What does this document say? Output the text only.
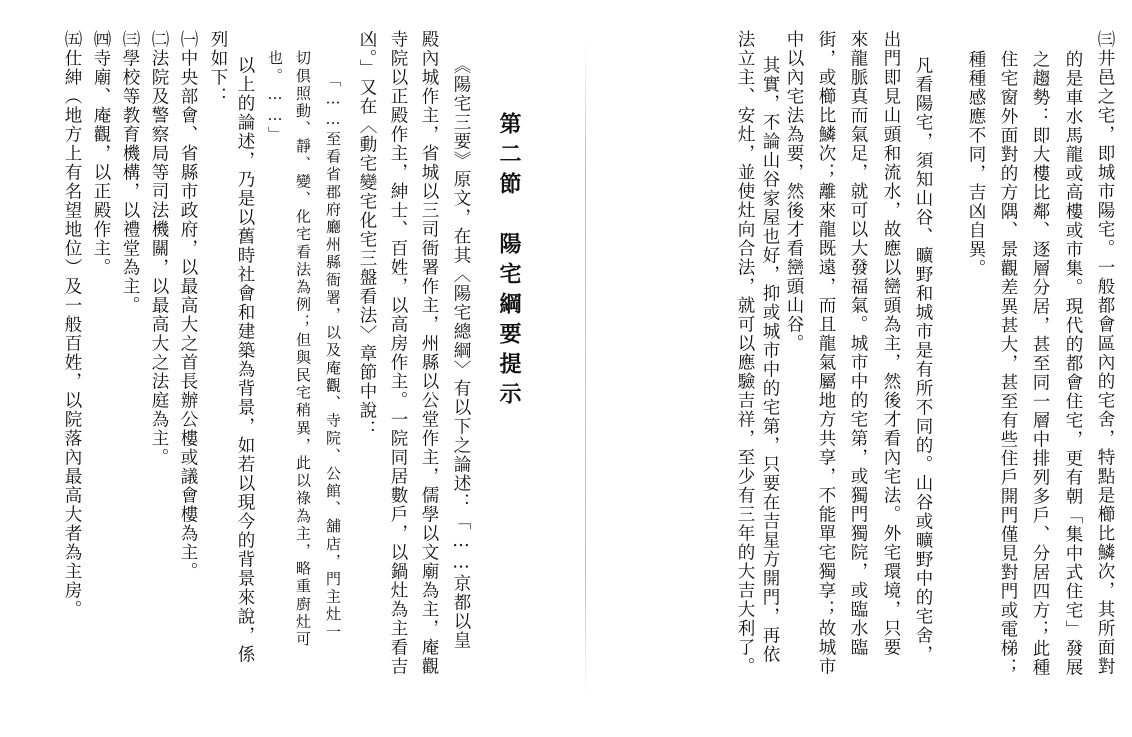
㈢井邑之宅，即城市陽宅。一般都會區內的宅舍，特點是櫛比鱗次，其所面對
的是車水馬龍或高樓或市集。現代的都會住宅，更有朝「集中式住宅」發展
之趨勢：即大樓比鄰、逐層分居，甚至同一層中排列多戶、分居四方；此種
住宅窗外面對的方隅、景觀差異甚大，甚至有些住戶開門僅見對門或電梯；
種種感應不同，吉凶自異。
凡看陽宅，須知山谷、曠野和城市是有所不同的。山谷或曠野中的宅舍，
出門即見山頭和流水，故應以巒頭為主，然後才看內宅法。外宅環境，只要
來龍脈真而氣足，就可以大發福氣。城市中的宅第，或獨門獨院，或臨水臨
街，或櫛比鱗次；離來龍既遠，而且龍氣屬地方共享，不能單宅獨享；故城市
中以內宅法為要，然後才看巒頭山谷。
其實，不論山谷家屋也好，抑或城市中的宅第，只要在吉星方開門，再依
法立主、安灶，並使灶向合法，就可以應驗吉祥，至少有三年的大吉大利了。
第二節　陽宅綱要提示
《陽宅三要》原文，在其〈陽宅總綱〉有以下之論述：「……京都以皇
殿內城作主，省城以三司衙署作主，州縣以公堂作主，儒學以文廟為主，庵觀
寺院以正殿作主，紳士、百姓，以高房作主。一院同居數戶，以鍋灶為主看吉
凶。」又在〈動宅變宅化宅三盤看法〉章節中說：
「……至看省郡府廳州縣衙署，以及庵觀、寺院、公館、舖店，門主灶一
切俱照動、靜、變、化宅看法為例；但與民宅稍異，此以祿為主，略重廚灶可
也。……」
以上的論述，乃是以舊時社會和建築為背景，如若以現今的背景來說，係
列如下：
㈠中央部會、省縣市政府，以最高大之首長辦公樓或議會樓為主。
㈡法院及警察局等司法機關，以最高大之法庭為主。
㈢學校等教育機構，以禮堂為主。
㈣寺廟、庵觀，以正殿作主。
㈤仕紳（地方上有名望地位）及一般百姓，以院落內最高大者為主房。
